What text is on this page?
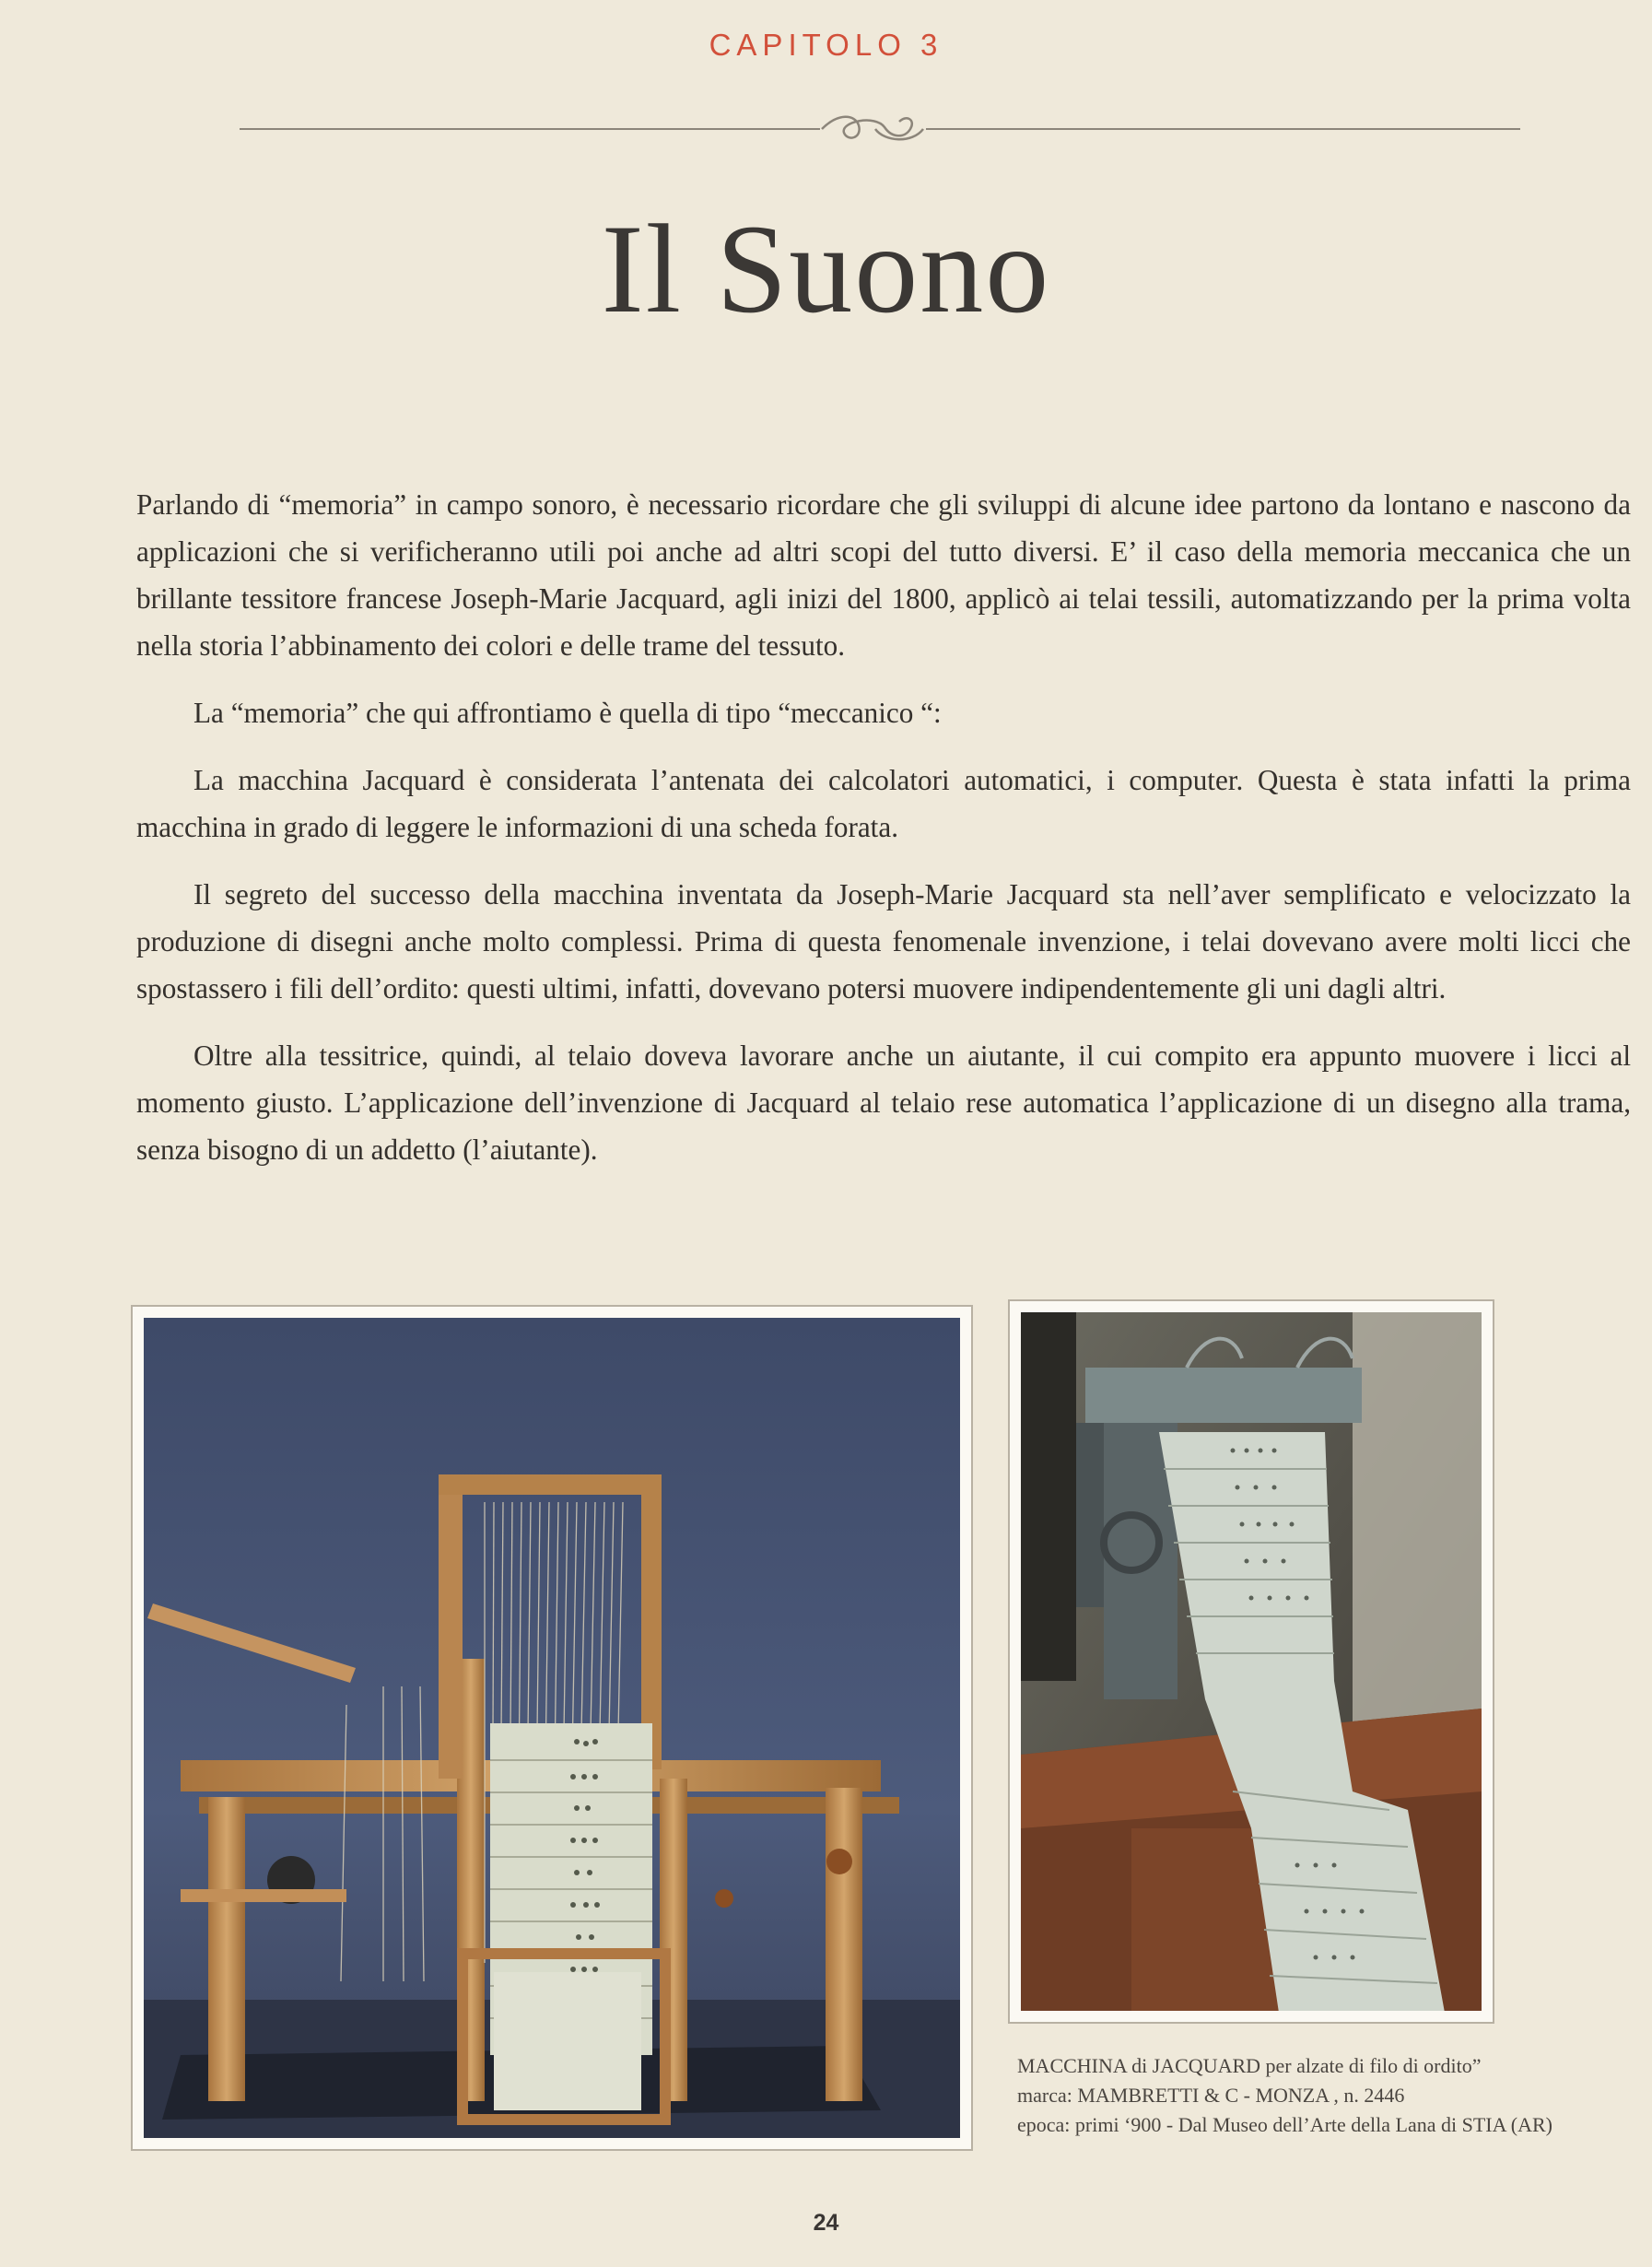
CAPITOLO 3
Il Suono

Parlando di “memoria” in campo sonoro, è necessario ricordare che gli sviluppi di alcune idee partono da lontano e nascono da applicazioni che si verificheranno utili poi anche ad altri scopi del tutto diversi. E’ il caso della memoria meccanica che un brillante tessitore francese Joseph-Marie Jacquard, agli inizi del 1800, applicò ai telai tessili, automatizzando per la prima volta nella storia l’abbinamento dei colori e delle trame del tessuto.

La “memoria” che qui affrontiamo è quella di tipo “meccanico “:

La macchina Jacquard è considerata l’antenata dei calcolatori automatici, i computer. Questa è stata infatti la prima macchina in grado di leggere le informazioni di una scheda forata.

Il segreto del successo della macchina inventata da Joseph-Marie Jacquard sta nell’aver semplificato e velocizzato la produzione di disegni anche molto complessi. Prima di questa fenomenale invenzione, i telai dovevano avere molti licci che spostassero i fili dell’ordito: questi ultimi, infatti, dovevano potersi muovere indipendentemente gli uni dagli altri.

Oltre alla tessitrice, quindi, al telaio doveva lavorare anche un aiutante, il cui compito era appunto muovere i licci al momento giusto. L’applicazione dell’invenzione di Jacquard al telaio rese automatica l’applicazione di un disegno alla trama, senza bisogno di un addetto (l’aiutante).

MACCHINA di JACQUARD per alzate di filo di ordito”
marca: MAMBRETTI & C - MONZA , n. 2446
epoca: primi ‘900 - Dal Museo dell’Arte della Lana di STIA (AR)
24
